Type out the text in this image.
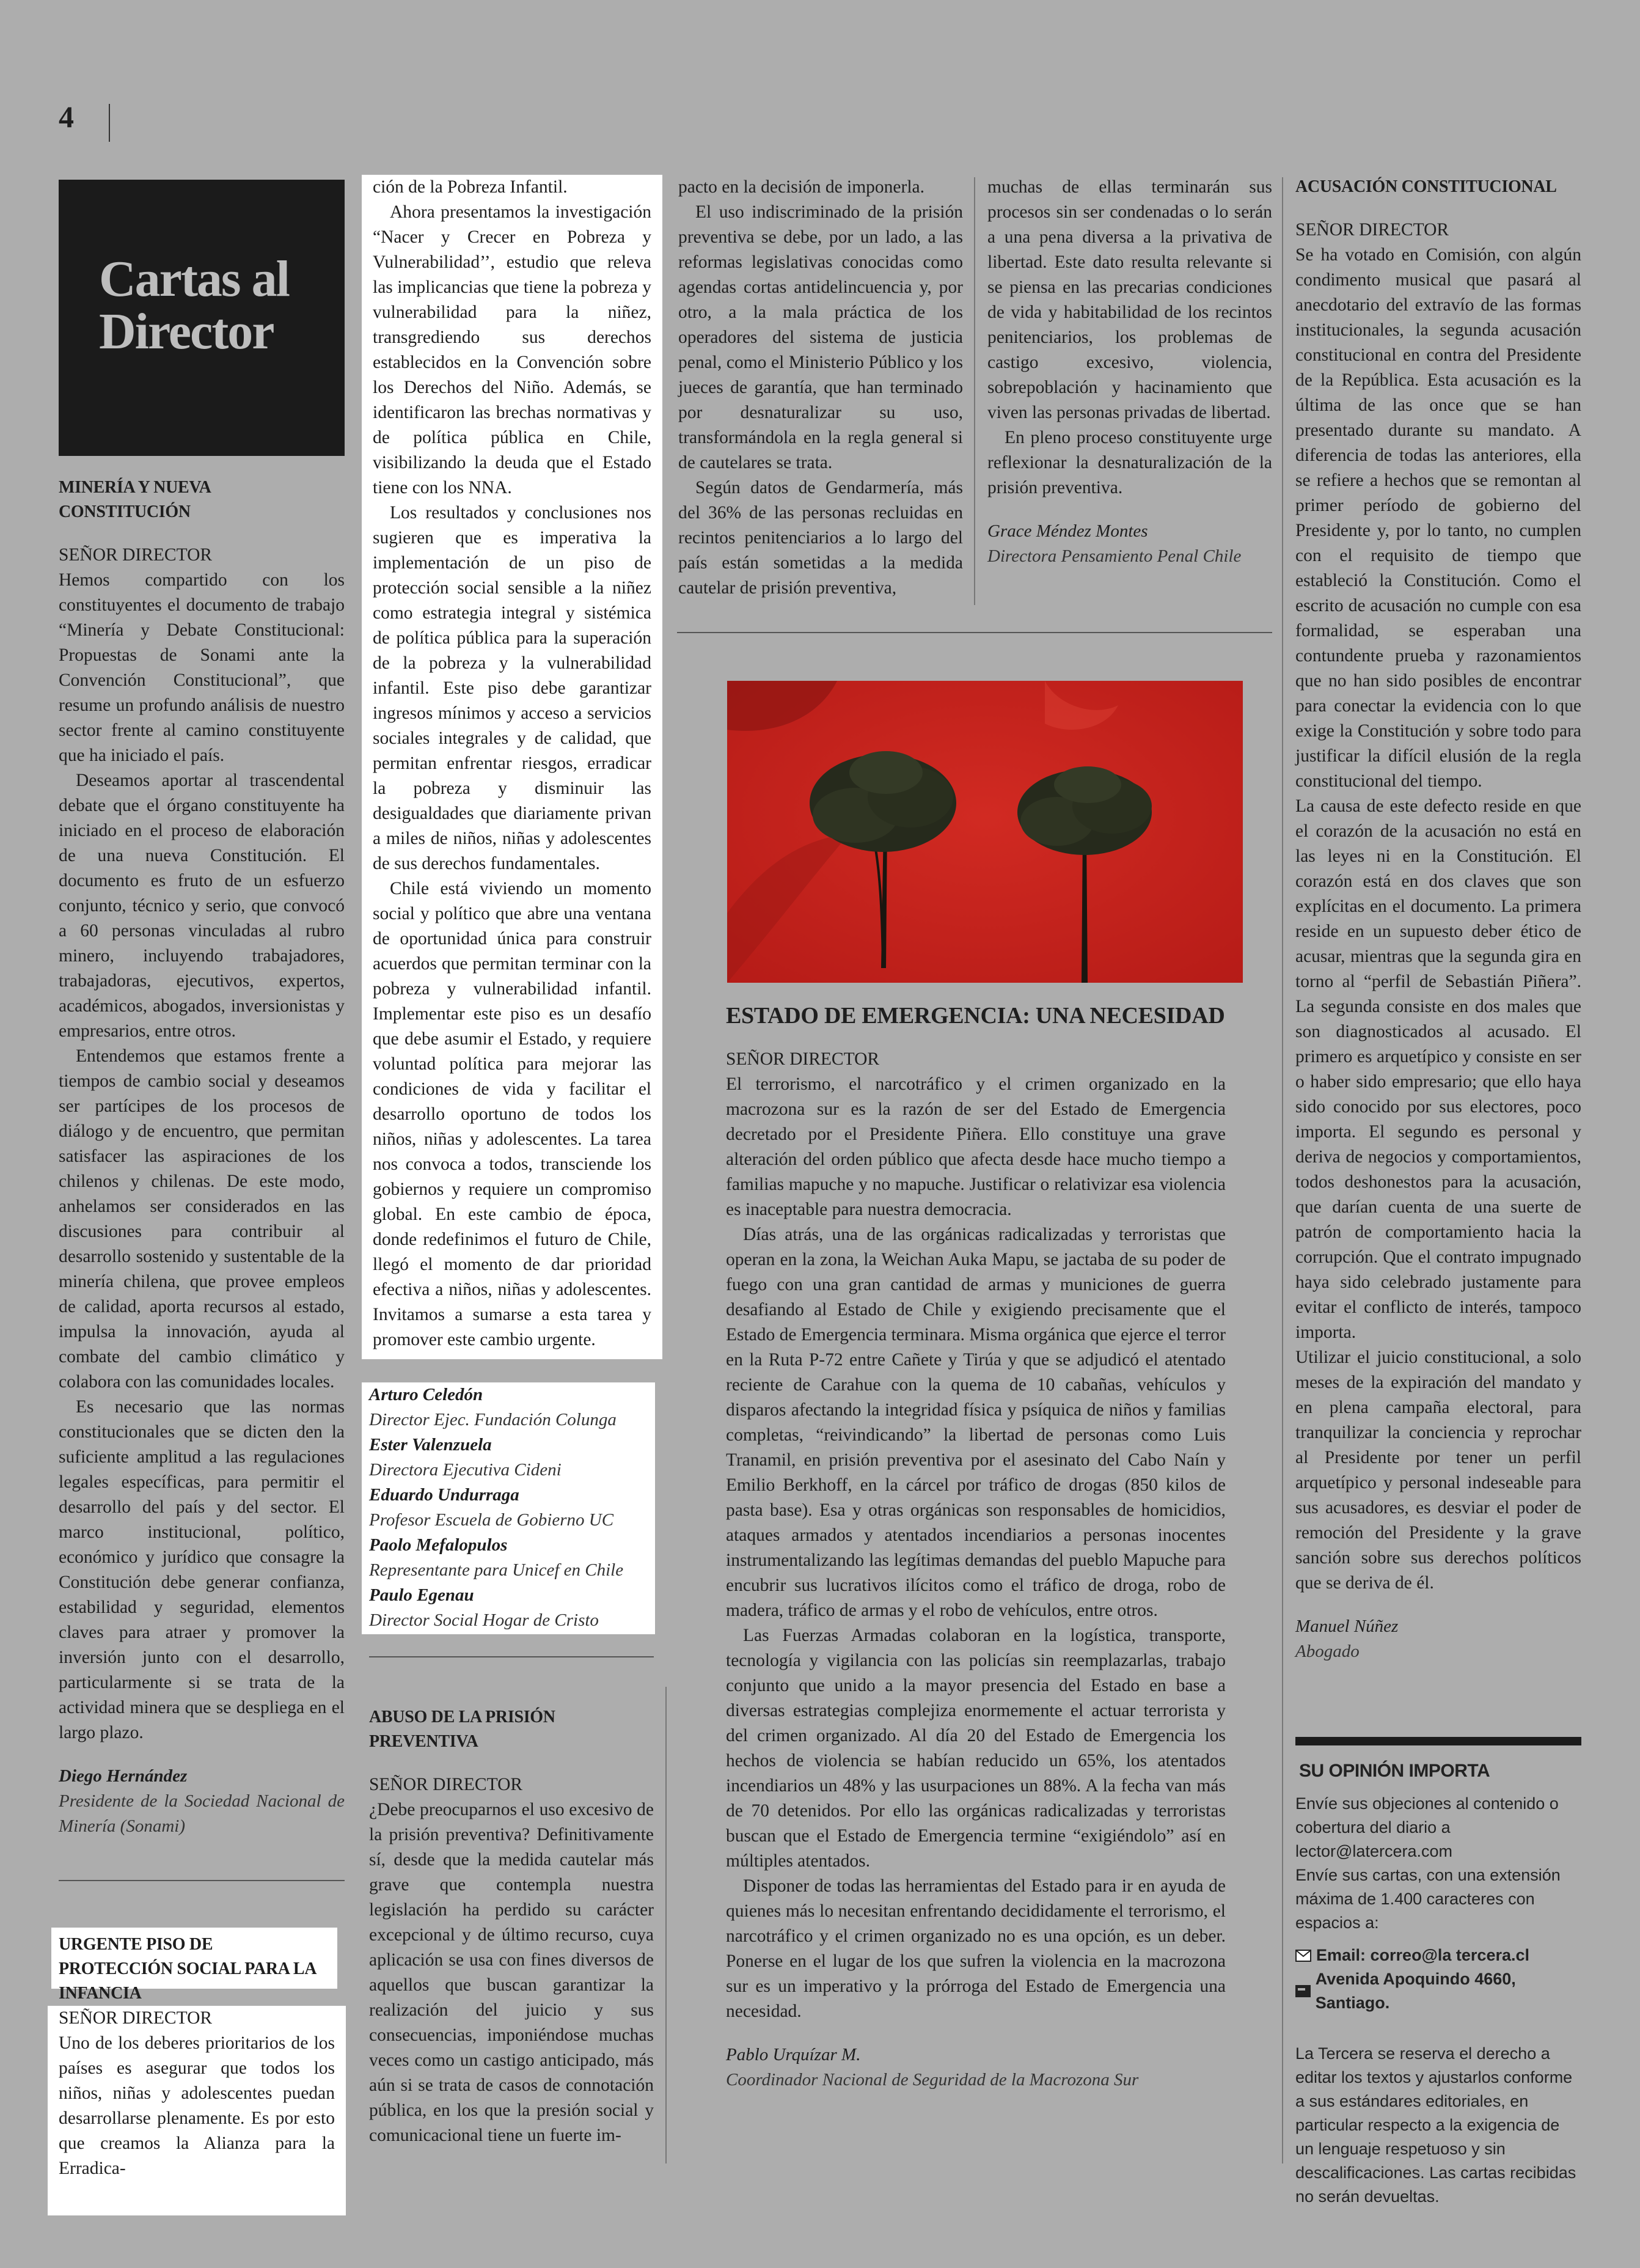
4
Cartas al
Director
MINERÍA Y NUEVA CONSTITUCIÓN
SEÑOR DIRECTOR

Hemos compartido con los constituyentes el documento de trabajo “Minería y Debate Constitucional: Propuestas de Sonami ante la Convención Constitucional”, que resume un profundo análisis de nuestro sector frente al camino constituyente que ha iniciado el país.

Deseamos aportar al trascendental debate que el órgano constituyente ha iniciado en el proceso de elaboración de una nueva Constitución. El documento es fruto de un esfuerzo conjunto, técnico y serio, que convocó a 60 personas vinculadas al rubro minero, incluyendo trabajadores, trabajadoras, ejecutivos, expertos, académicos, abogados, inversionistas y empresarios, entre otros.

Entendemos que estamos frente a tiempos de cambio social y deseamos ser partícipes de los procesos de diálogo y de encuentro, que permitan satisfacer las aspiraciones de los chilenos y chilenas. De este modo, anhelamos ser considerados en las discusiones para contribuir al desarrollo sostenido y sustentable de la minería chilena, que provee empleos de calidad, aporta recursos al estado, impulsa la innovación, ayuda al combate del cambio climático y colabora con las comunidades locales.

Es necesario que las normas constitucionales que se dicten den la suficiente amplitud a las regulaciones legales específicas, para permitir el desarrollo del país y del sector. El marco institucional, político, económico y jurídico que consagre la Constitución debe generar confianza, estabilidad y seguridad, elementos claves para atraer y promover la inversión junto con el desarrollo, particularmente si se trata de la actividad minera que se despliega en el largo plazo.

Diego Hernández
Presidente de la Sociedad Nacional de Minería (Sonami)
URGENTE PISO DE PROTECCIÓN SOCIAL PARA LA INFANCIA
SEÑOR DIRECTOR

Uno de los deberes prioritarios de los países es asegurar que todos los niños, niñas y adolescentes puedan desarrollarse plenamente. Es por esto que creamos la Alianza para la Erradica-

ción de la Pobreza Infantil.

Ahora presentamos la investigación “Nacer y Crecer en Pobreza y Vulnerabilidad’’, estudio que releva las implicancias que tiene la pobreza y vulnerabilidad para la niñez, transgrediendo sus derechos establecidos en la Convención sobre los Derechos del Niño. Además, se identificaron las brechas normativas y de política pública en Chile, visibilizando la deuda que el Estado tiene con los NNA.

Los resultados y conclusiones nos sugieren que es imperativa la implementación de un piso de protección social sensible a la niñez como estrategia integral y sistémica de política pública para la superación de la pobreza y la vulnerabilidad infantil. Este piso debe garantizar ingresos mínimos y acceso a servicios sociales integrales y de calidad, que permitan enfrentar riesgos, erradicar la pobreza y disminuir las desigualdades que diariamente privan a miles de niños, niñas y adolescentes de sus derechos fundamentales.

Chile está viviendo un momento social y político que abre una ventana de oportunidad única para construir acuerdos que permitan terminar con la pobreza y vulnerabilidad infantil. Implementar este piso es un desafío que debe asumir el Estado, y requiere voluntad política para mejorar las condiciones de vida y facilitar el desarrollo oportuno de todos los niños, niñas y adolescentes. La tarea nos convoca a todos, transciende los gobiernos y requiere un compromiso global. En este cambio de época, donde redefinimos el futuro de Chile, llegó el momento de dar prioridad efectiva a niños, niñas y adolescentes. Invitamos a sumarse a esta tarea y promover este cambio urgente.

Arturo Celedón
Director Ejec. Fundación Colunga
Ester Valenzuela
Directora Ejecutiva Cideni
Eduardo Undurraga
Profesor Escuela de Gobierno UC
Paolo Mefalopulos
Representante para Unicef en Chile
Paulo Egenau
Director Social Hogar de Cristo
ABUSO DE LA PRISIÓN PREVENTIVA
SEÑOR DIRECTOR

¿Debe preocuparnos el uso excesivo de la prisión preventiva? Definitivamente sí, desde que la medida cautelar más grave que contempla nuestra legislación ha perdido su carácter excepcional y de último recurso, cuya aplicación se usa con fines diversos de aquellos que buscan garantizar la realización del juicio y sus consecuencias, imponiéndose muchas veces como un castigo anticipado, más aún si se trata de casos de connotación pública, en los que la presión social y comunicacional tiene un fuerte im-

pacto en la decisión de imponerla.

El uso indiscriminado de la prisión preventiva se debe, por un lado, a las reformas legislativas conocidas como agendas cortas antidelincuencia y, por otro, a la mala práctica de los operadores del sistema de justicia penal, como el Ministerio Público y los jueces de garantía, que han terminado por desnaturalizar su uso, transformándola en la regla general si de cautelares se trata.

Según datos de Gendarmería, más del 36% de las personas recluidas en recintos penitenciarios a lo largo del país están sometidas a la medida cautelar de prisión preventiva,

muchas de ellas terminarán sus procesos sin ser condenadas o lo serán a una pena diversa a la privativa de libertad. Este dato resulta relevante si se piensa en las precarias condiciones de vida y habitabilidad de los recintos penitenciarios, los problemas de castigo excesivo, violencia, sobrepoblación y hacinamiento que viven las personas privadas de libertad.

En pleno proceso constituyente urge reflexionar la desnaturalización de la prisión preventiva.

Grace Méndez Montes
Directora Pensamiento Penal Chile
ESTADO DE EMERGENCIA: UNA NECESIDAD
SEÑOR DIRECTOR

El terrorismo, el narcotráfico y el crimen organizado en la macrozona sur es la razón de ser del Estado de Emergencia decretado por el Presidente Piñera. Ello constituye una grave alteración del orden público que afecta desde hace mucho tiempo a familias mapuche y no mapuche. Justificar o relativizar esa violencia es inaceptable para nuestra democracia.

Días atrás, una de las orgánicas radicalizadas y terroristas que operan en la zona, la Weichan Auka Mapu, se jactaba de su poder de fuego con una gran cantidad de armas y municiones de guerra desafiando al Estado de Chile y exigiendo precisamente que el Estado de Emergencia terminara. Misma orgánica que ejerce el terror en la Ruta P-72 entre Cañete y Tirúa y que se adjudicó el atentado reciente de Carahue con la quema de 10 cabañas, vehículos y disparos afectando la integridad física y psíquica de niños y familias completas, “reivindicando” la libertad de personas como Luis Tranamil, en prisión preventiva por el asesinato del Cabo Naín y Emilio Berkhoff, en la cárcel por tráfico de drogas (850 kilos de pasta base). Esa y otras orgánicas son responsables de homicidios, ataques armados y atentados incendiarios a personas inocentes instrumentalizando las legítimas demandas del pueblo Mapuche para encubrir sus lucrativos ilícitos como el tráfico de droga, robo de madera, tráfico de armas y el robo de vehículos, entre otros.

Las Fuerzas Armadas colaboran en la logística, transporte, tecnología y vigilancia con las policías sin reemplazarlas, trabajo conjunto que unido a la mayor presencia del Estado en base a diversas estrategias complejiza enormemente el actuar terrorista y del crimen organizado. Al día 20 del Estado de Emergencia los hechos de violencia se habían reducido un 65%, los atentados incendiarios un 48% y las usurpaciones un 88%. A la fecha van más de 70 detenidos. Por ello las orgánicas radicalizadas y terroristas buscan que el Estado de Emergencia termine “exigiéndolo” así en múltiples atentados.

Disponer de todas las herramientas del Estado para ir en ayuda de quienes más lo necesitan enfrentando decididamente el terrorismo, el narcotráfico y el crimen organizado no es una opción, es un deber. Ponerse en el lugar de los que sufren la violencia en la macrozona sur es un imperativo y la prórroga del Estado de Emergencia una necesidad.

Pablo Urquízar M.
Coordinador Nacional de Seguridad de la Macrozona Sur
ACUSACIÓN CONSTITUCIONAL
SEÑOR DIRECTOR

Se ha votado en Comisión, con algún condimento musical que pasará al anecdotario del extravío de las formas institucionales, la segunda acusación constitucional en contra del Presidente de la República. Esta acusación es la última de las once que se han presentado durante su mandato. A diferencia de todas las anteriores, ella se refiere a hechos que se remontan al primer período de gobierno del Presidente y, por lo tanto, no cumplen con el requisito de tiempo que estableció la Constitución. Como el escrito de acusación no cumple con esa formalidad, se esperaban una contundente prueba y razonamientos que no han sido posibles de encontrar para conectar la evidencia con lo que exige la Constitución y sobre todo para justificar la difícil elusión de la regla constitucional del tiempo.

La causa de este defecto reside en que el corazón de la acusación no está en las leyes ni en la Constitución. El corazón está en dos claves que son explícitas en el documento. La primera reside en un supuesto deber ético de acusar, mientras que la segunda gira en torno al “perfil de Sebastián Piñera”. La segunda consiste en dos males que son diagnosticados al acusado. El primero es arquetípico y consiste en ser o haber sido empresario; que ello haya sido conocido por sus electores, poco importa. El segundo es personal y deriva de negocios y comportamientos, todos deshonestos para la acusación, que darían cuenta de una suerte de patrón de comportamiento hacia la corrupción. Que el contrato impugnado haya sido celebrado justamente para evitar el conflicto de interés, tampoco importa.

Utilizar el juicio constitucional, a solo meses de la expiración del mandato y en plena campaña electoral, para tranquilizar la conciencia y reprochar al Presidente por tener un perfil arquetípico y personal indeseable para sus acusadores, es desviar el poder de remoción del Presidente y la grave sanción sobre sus derechos políticos que se deriva de él.

Manuel Núñez
Abogado
SU OPINIÓN IMPORTA
Envíe sus objeciones al contenido o cobertura del diario a lector@latercera.com
Envíe sus cartas, con una extensión máxima de 1.400 caracteres con espacios a:
Email: correo@la tercera.cl
Avenida Apoquindo 4660, Santiago.
La Tercera se reserva el derecho a editar los textos y ajustarlos conforme a sus estándares editoriales, en particular respecto a la exigencia de un lenguaje respetuoso y sin descalificaciones. Las cartas recibidas no serán devueltas.
